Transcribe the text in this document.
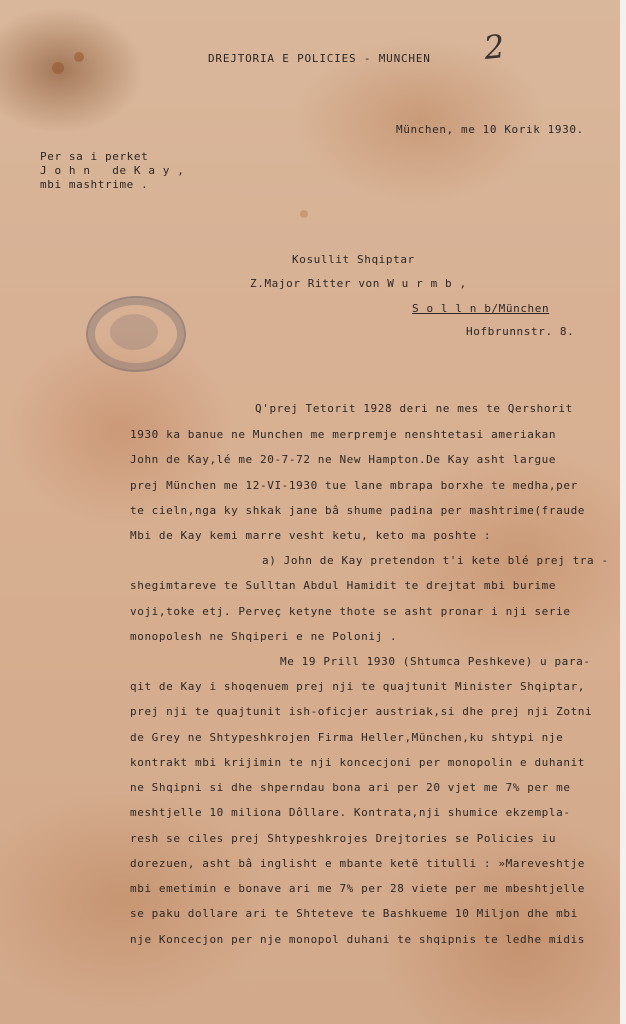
2
DREJTORIA E POLICIES - MUNCHEN
München, me 10 Korik 1930.
Per sa i perket
J o h n   de K a y ,
mbi mashtrime .
Kosullit Shqiptar
Z.Major Ritter von W u r m b ,
S o l l n b/München
Hofbrunnstr. 8.
Q'prej Tetorit 1928 deri ne mes te Qershorit
1930 ka banue ne Munchen me merpremje nenshtetasi ameriakan
John de Kay,lé me 20-7-72 ne New Hampton.De Kay asht largue
prej München me 12-VI-1930 tue lane mbrapa borxhe te medha,per
te cieln,nga ky shkak jane bâ shume padina per mashtrime(fraude
Mbi de Kay kemi marre vesht ketu, keto ma poshte :
a) John de Kay pretendon t'i kete blé prej tra -
shegimtareve te Sulltan Abdul Hamidit te drejtat mbi burime
voji,toke etj. Perveç ketyne thote se asht pronar i nji serie
monopolesh ne Shqiperi e ne Polonij .
Me 19 Prill 1930 (Shtumca Peshkeve) u para-
qit de Kay i shoqenuem prej nji te quajtunit Minister Shqiptar,
prej nji te quajtunit ish-oficjer austriak,si dhe prej nji Zotni
de Grey ne Shtypeshkrojen Firma Heller,München,ku shtypi nje
kontrakt mbi krijimin te nji koncecjoni per monopolin e duhanit
ne Shqipni si dhe shperndau bona ari per 20 vjet me 7% per me
meshtjelle 10 miliona Dôllare. Kontrata,nji shumice ekzempla-
resh se ciles prej Shtypeshkrojes Drejtories se Policies iu
dorezuen, asht bâ inglisht e mbante ketë titulli : »Mareveshtje
mbi emetimin e bonave ari me 7% per 28 viete per me mbeshtjelle
se paku dollare ari te Shteteve te Bashkueme 10 Miljon dhe mbi
nje Koncecjon per nje monopol duhani te shqipnis te ledhe midis
